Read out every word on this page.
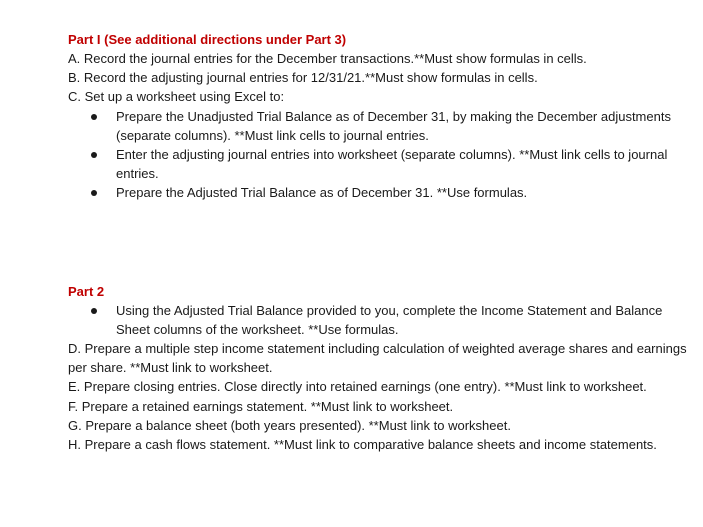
Part I (See additional directions under Part 3)
A. Record the journal entries for the December transactions.**Must show formulas in cells.
B. Record the adjusting journal entries for 12/31/21.**Must show formulas in cells.
C. Set up a worksheet using Excel to:
Prepare the Unadjusted Trial Balance as of December 31, by making the December adjustments (separate columns). **Must link cells to journal entries.
Enter the adjusting journal entries into worksheet (separate columns). **Must link cells to journal entries.
Prepare the Adjusted Trial Balance as of December 31. **Use formulas.
Part 2
Using the Adjusted Trial Balance provided to you, complete the Income Statement and Balance Sheet columns of the worksheet. **Use formulas.
D. Prepare a multiple step income statement including calculation of weighted average shares and earnings per share. **Must link to worksheet.
E. Prepare closing entries. Close directly into retained earnings (one entry). **Must link to worksheet.
F. Prepare a retained earnings statement. **Must link to worksheet.
G. Prepare a balance sheet (both years presented). **Must link to worksheet.
H. Prepare a cash flows statement. **Must link to comparative balance sheets and income statements.
